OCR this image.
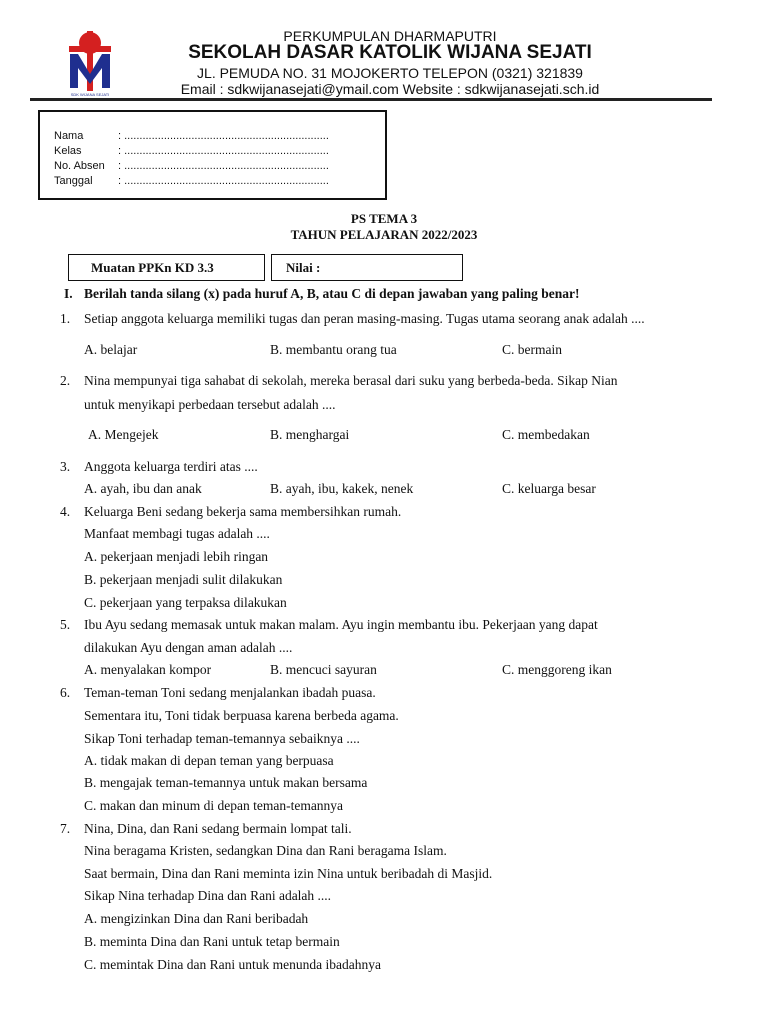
SDK WIJANA SEJATI
PERKUMPULAN DHARMAPUTRI
SEKOLAH DASAR KATOLIK WIJANA SEJATI
JL. PEMUDA NO. 31 MOJOKERTO TELEPON (0321) 321839
Email : sdkwijanasejati@ymail.com Website : sdkwijanasejati.sch.id
Nama	: ...................................................................
Kelas	: ...................................................................
No. Absen : ...................................................................
Tanggal : ...................................................................
PS TEMA 3
TAHUN PELAJARAN 2022/2023
Muatan PPKn KD 3.3	Nilai :
I. Berilah tanda silang (x) pada huruf A, B, atau C di depan jawaban yang paling benar!
1. Setiap anggota keluarga memiliki tugas dan peran masing-masing. Tugas utama seorang anak adalah ....
A. belajar	B. membantu orang tua	C. bermain
2. Nina mempunyai tiga sahabat di sekolah, mereka berasal dari suku yang berbeda-beda. Sikap Nian
untuk menyikapi perbedaan tersebut adalah ....
A. Mengejek	B. menghargai	C. membedakan
3. Anggota keluarga terdiri atas ....
A. ayah, ibu dan anak	B. ayah, ibu, kakek, nenek	C. keluarga besar
4. Keluarga Beni sedang bekerja sama membersihkan rumah.
Manfaat membagi tugas adalah ....
A. pekerjaan menjadi lebih ringan
B. pekerjaan menjadi sulit dilakukan
C. pekerjaan yang terpaksa dilakukan
5. Ibu Ayu sedang memasak untuk makan malam. Ayu ingin membantu ibu. Pekerjaan yang dapat
dilakukan Ayu dengan aman adalah ....
A. menyalakan kompor	B. mencuci sayuran	C. menggoreng ikan
6. Teman-teman Toni sedang menjalankan ibadah puasa.
Sementara itu, Toni tidak berpuasa karena berbeda agama.
Sikap Toni terhadap teman-temannya sebaiknya ....
A. tidak makan di depan teman yang berpuasa
B. mengajak teman-temannya untuk makan bersama
C. makan dan minum di depan teman-temannya
7. Nina, Dina, dan Rani sedang bermain lompat tali.
Nina beragama Kristen, sedangkan Dina dan Rani beragama Islam.
Saat bermain, Dina dan Rani meminta izin Nina untuk beribadah di Masjid.
Sikap Nina terhadap Dina dan Rani adalah ....
A. mengizinkan Dina dan Rani beribadah
B. meminta Dina dan Rani untuk tetap bermain
C. memintak Dina dan Rani untuk menunda ibadahnya
